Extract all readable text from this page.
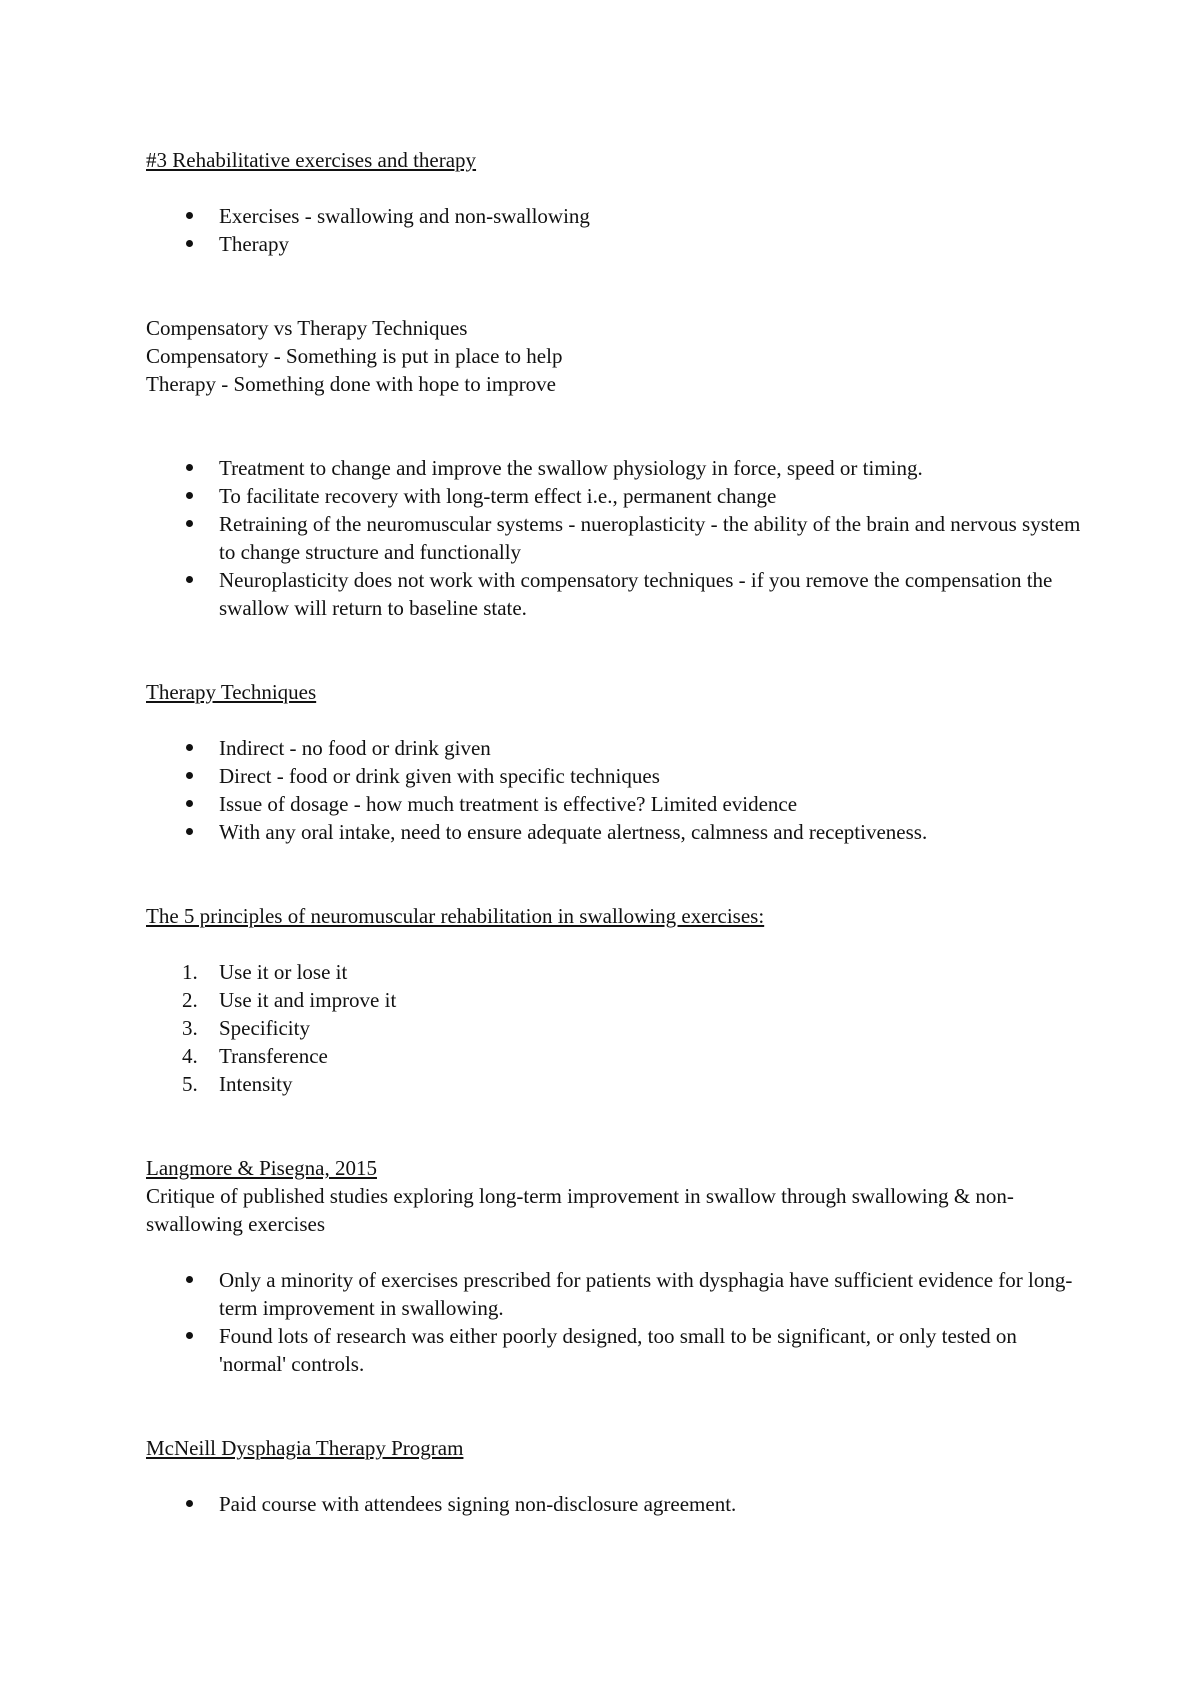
#3 Rehabilitative exercises and therapy

Exercises - swallowing and non-swallowing
Therapy

Compensatory vs Therapy Techniques

Compensatory - Something is put in place to help

Therapy - Something done with hope to improve

Treatment to change and improve the swallow physiology in force, speed or timing.
To facilitate recovery with long-term effect i.e., permanent change
Retraining of the neuromuscular systems - nueroplasticity - the ability of the brain and nervous system to change structure and functionally
Neuroplasticity does not work with compensatory techniques - if you remove the compensation the swallow will return to baseline state.

Therapy Techniques

Indirect - no food or drink given
Direct - food or drink given with specific techniques
Issue of dosage - how much treatment is effective? Limited evidence
With any oral intake, need to ensure adequate alertness, calmness and receptiveness.

The 5 principles of neuromuscular rehabilitation in swallowing exercises:

1. Use it or lose it
2. Use it and improve it
3. Specificity
4. Transference
5. Intensity

Langmore & Pisegna, 2015

Critique of published studies exploring long-term improvement in swallow through swallowing & non-swallowing exercises

Only a minority of exercises prescribed for patients with dysphagia have sufficient evidence for long-term improvement in swallowing.
Found lots of research was either poorly designed, too small to be significant, or only tested on 'normal' controls.

McNeill Dysphagia Therapy Program

Paid course with attendees signing non-disclosure agreement.
